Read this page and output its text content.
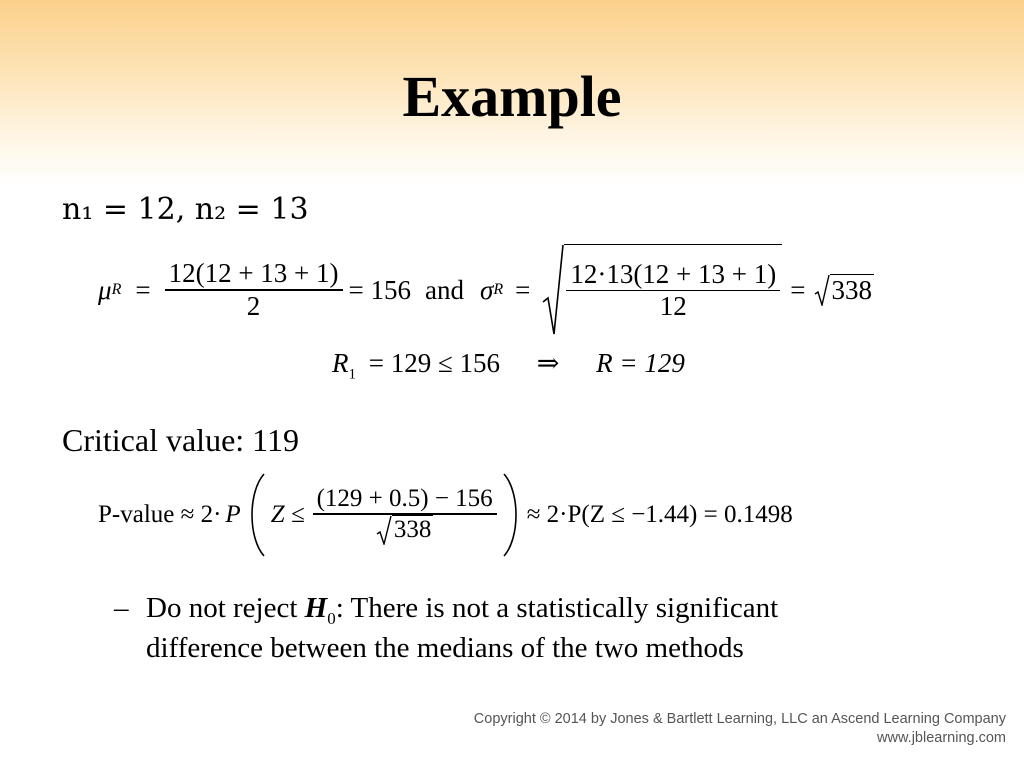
Example
n₁ = 12, n₂ = 13
μ $R = \frac{12(12 + 13 + 1)}{2} = 156$ and σ $R = \frac{12\cdot 13(12 + 13 + 1)}{12} = 338$
$R_1 = 129 \le 156$ ⇒ R = 129
Critical value: 119
P-value ≈ 2· P $Z \le \frac{(129 + 0.5) - 156}{338} \approx 2\cdot P(Z \le -1.44) = 0.1498$
– Do not reject $H_0$: There is not a statistically significant
difference between the medians of the two methods
Copyright © 2014 by Jones & Bartlett Learning, LLC an Ascend Learning Company
www.jblearning.com
